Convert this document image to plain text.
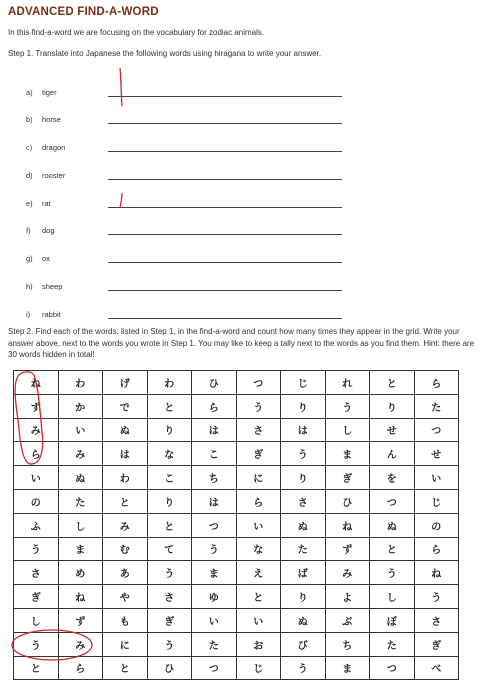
ADVANCED FIND-A-WORD
In this find-a-word we are focusing on the vocabulary for zodiac animals.
Step 1. Translate into Japanese the following words using hiragana to write your answer.
a) tiger
b) horse
c) dragon
d) rooster
e) rat
f) dog
g) ox
h) sheep
i) rabbit
Step 2. Find each of the words, listed in Step 1, in the find-a-word and count how many times they appear in the grid. Write your answer above, next to the words you wrote in Step 1. You may like to keep a tally next to the words as you find them. Hint: there are 30 words hidden in total!
ね	わ	げ	わ	ひ	つ	じ	れ	と	ら
ず	か	で	と	ら	う	り	う	り	た
み	い	ぬ	り	は	さ	は	し	せ	つ
ら	み	は	な	こ	ぎ	う	ま	ん	せ
い	ぬ	わ	こ	ち	に	り	ぎ	を	い
の	た	と	り	は	ら	さ	ひ	つ	じ
ふ	し	み	と	つ	い	ぬ	ね	ぬ	の
う	ま	む	て	う	な	た	ず	と	ら
さ	め	あ	う	ま	え	ば	み	う	ね
ぎ	ね	や	さ	ゆ	と	り	よ	し	う
し	ず	も	ぎ	い	い	ぬ	ぶ	ぼ	さ
う	み	に	う	た	お	び	ち	た	ぎ
と	ら	と	ひ	つ	じ	う	ま	つ	べ
